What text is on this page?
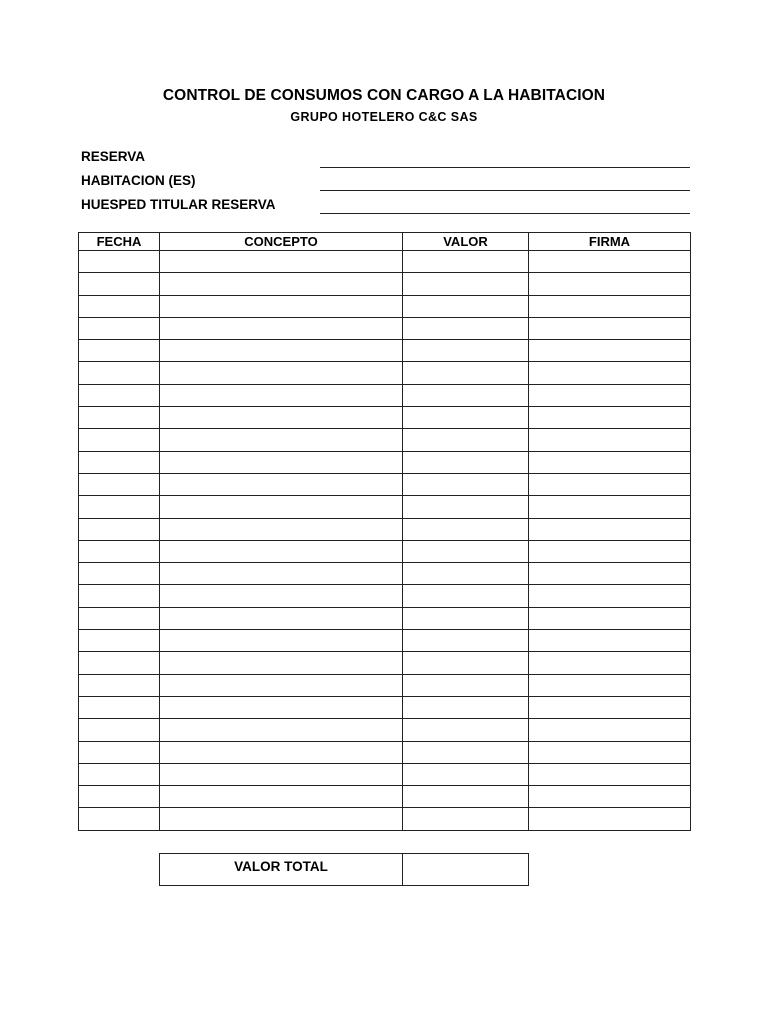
CONTROL DE CONSUMOS CON CARGO A LA HABITACION
GRUPO HOTELERO C&C SAS
RESERVA
HABITACION (ES)
HUESPED TITULAR RESERVA
FECHA	CONCEPTO	VALOR	FIRMA

VALOR TOTAL	
